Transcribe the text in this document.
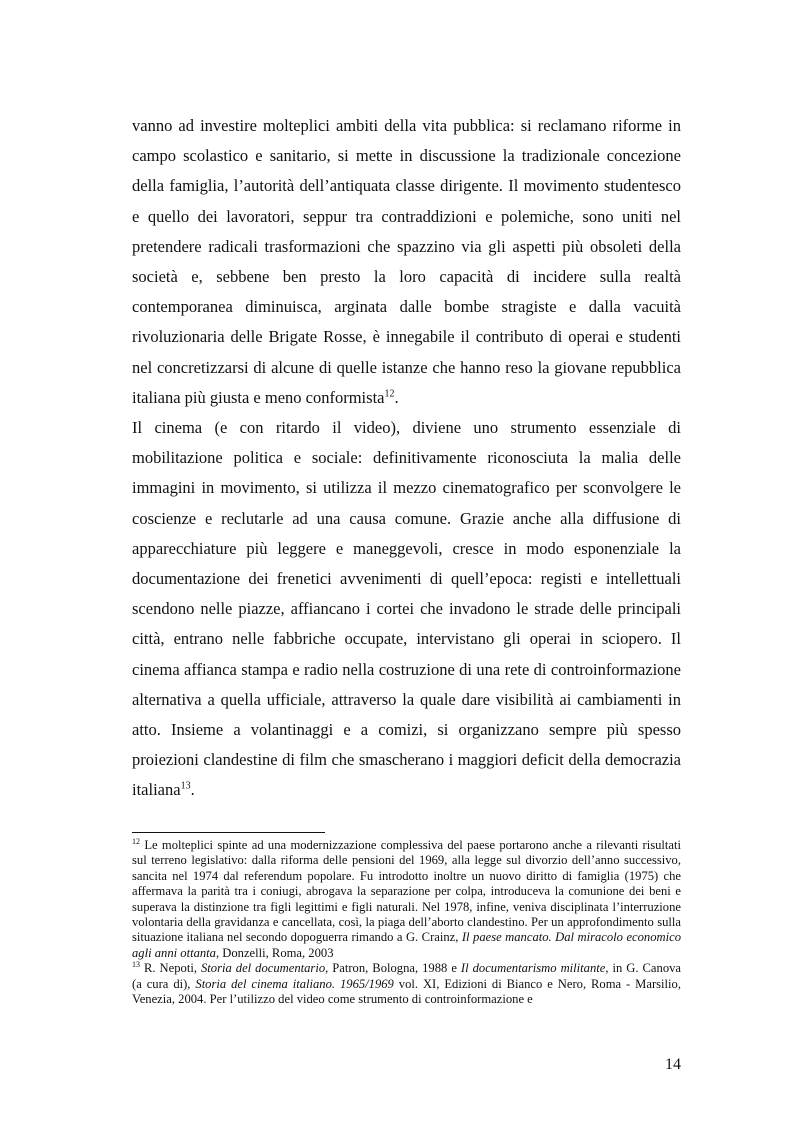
vanno ad investire molteplici ambiti della vita pubblica: si reclamano riforme in campo scolastico e sanitario, si mette in discussione la tradizionale concezione della famiglia, l’autorità dell’antiquata classe dirigente. Il movimento studentesco e quello dei lavoratori, seppur tra contraddizioni e polemiche, sono uniti nel pretendere radicali trasformazioni che spazzino via gli aspetti più obsoleti della società e, sebbene ben presto la loro capacità di incidere sulla realtà contemporanea diminuisca, arginata dalle bombe stragiste e dalla vacuità rivoluzionaria delle Brigate Rosse, è innegabile il contributo di operai e studenti nel concretizzarsi di alcune di quelle istanze che hanno reso la giovane repubblica italiana più giusta e meno conformista$^{12}$.

Il cinema (e con ritardo il video), diviene uno strumento essenziale di mobilitazione politica e sociale: definitivamente riconosciuta la malia delle immagini in movimento, si utilizza il mezzo cinematografico per sconvolgere le coscienze e reclutarle ad una causa comune. Grazie anche alla diffusione di apparecchiature più leggere e maneggevoli, cresce in modo esponenziale la documentazione dei frenetici avvenimenti di quell’epoca: registi e intellettuali scendono nelle piazze, affiancano i cortei che invadono le strade delle principali città, entrano nelle fabbriche occupate, intervistano gli operai in sciopero. Il cinema affianca stampa e radio nella costruzione di una rete di controinformazione alternativa a quella ufficiale, attraverso la quale dare visibilità ai cambiamenti in atto. Insieme a volantinaggi e a comizi, si organizzano sempre più spesso proiezioni clandestine di film che smascherano i maggiori deficit della democrazia italiana$^{13}$.

$^{12}$ Le molteplici spinte ad una modernizzazione complessiva del paese portarono anche a rilevanti risultati sul terreno legislativo: dalla riforma delle pensioni del 1969, alla legge sul divorzio dell’anno successivo, sancita nel 1974 dal referendum popolare. Fu introdotto inoltre un nuovo diritto di famiglia (1975) che affermava la parità tra i coniugi, abrogava la separazione per colpa, introduceva la comunione dei beni e superava la distinzione tra figli legittimi e figli naturali. Nel 1978, infine, veniva disciplinata l’interruzione volontaria della gravidanza e cancellata, così, la piaga dell’aborto clandestino. Per un approfondimento sulla situazione italiana nel secondo dopoguerra rimando a G. Crainz, Il paese mancato. Dal miracolo economico agli anni ottanta, Donzelli, Roma, 2003

$^{13}$ R. Nepoti, Storia del documentario, Patron, Bologna, 1988 e Il documentarismo militante, in G. Canova (a cura di), Storia del cinema italiano. 1965/1969 vol. XI, Edizioni di Bianco e Nero, Roma - Marsilio, Venezia, 2004. Per l’utilizzo del video come strumento di controinformazione e

14
